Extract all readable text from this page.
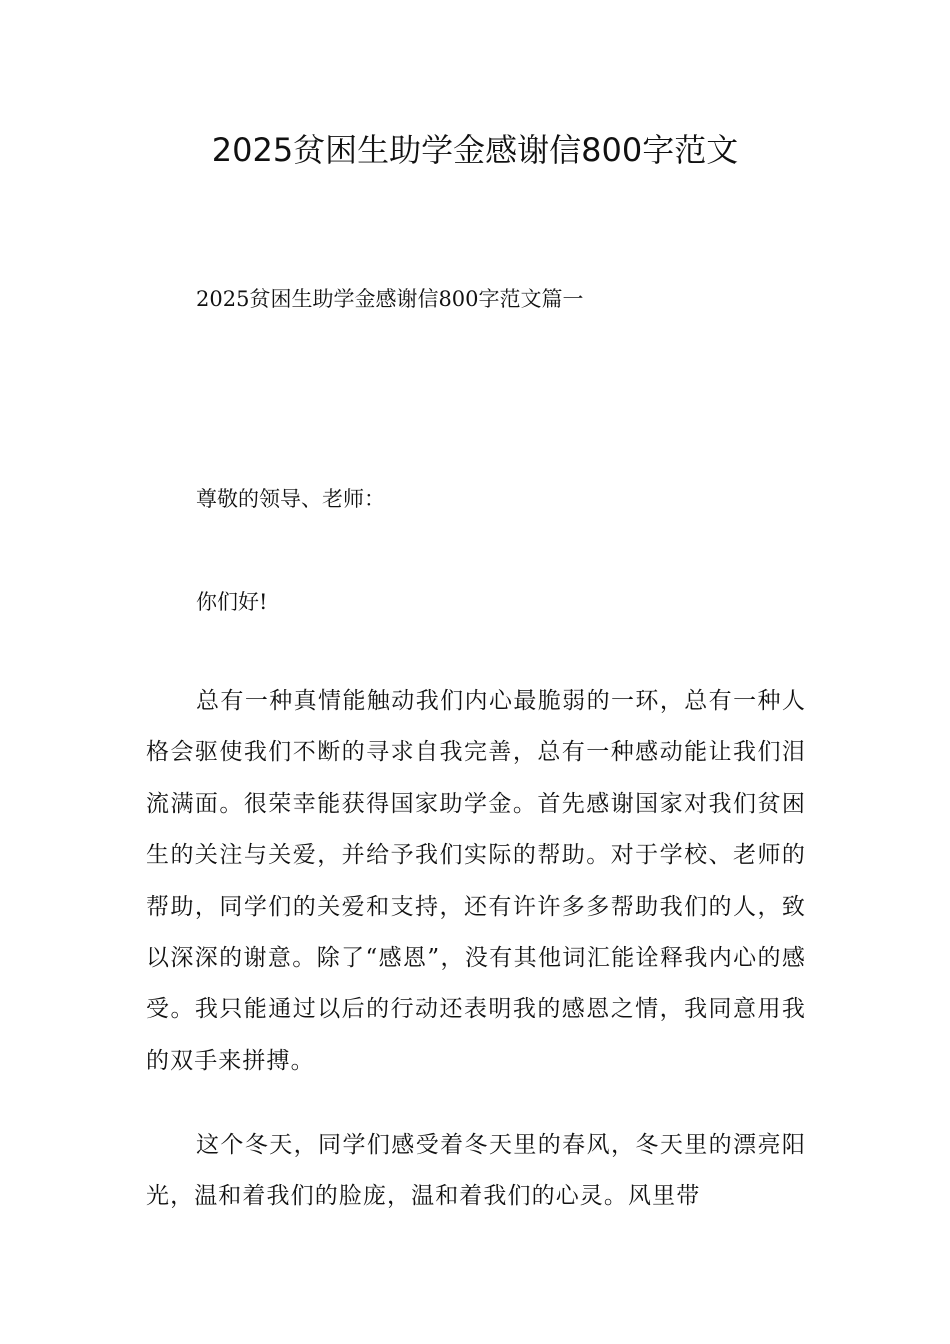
2025贫困生助学金感谢信800字范文
2025贫困生助学金感谢信800字范文篇一
尊敬的领导、老师：
你们好!

总有一种真情能触动我们内心最脆弱的一环，总有一种人格会驱使我们不断的寻求自我完善，总有一种感动能让我们泪流满面。很荣幸能获得国家助学金。首先感谢国家对我们贫困生的关注与关爱，并给予我们实际的帮助。对于学校、老师的帮助，同学们的关爱和支持，还有许许多多帮助我们的人，致以深深的谢意。除了“感恩”，没有其他词汇能诠释我内心的感受。我只能通过以后的行动还表明我的感恩之情，我同意用我的双手来拼搏。

这个冬天，同学们感受着冬天里的春风，冬天里的漂亮阳光，温和着我们的脸庞，温和着我们的心灵。风里带
